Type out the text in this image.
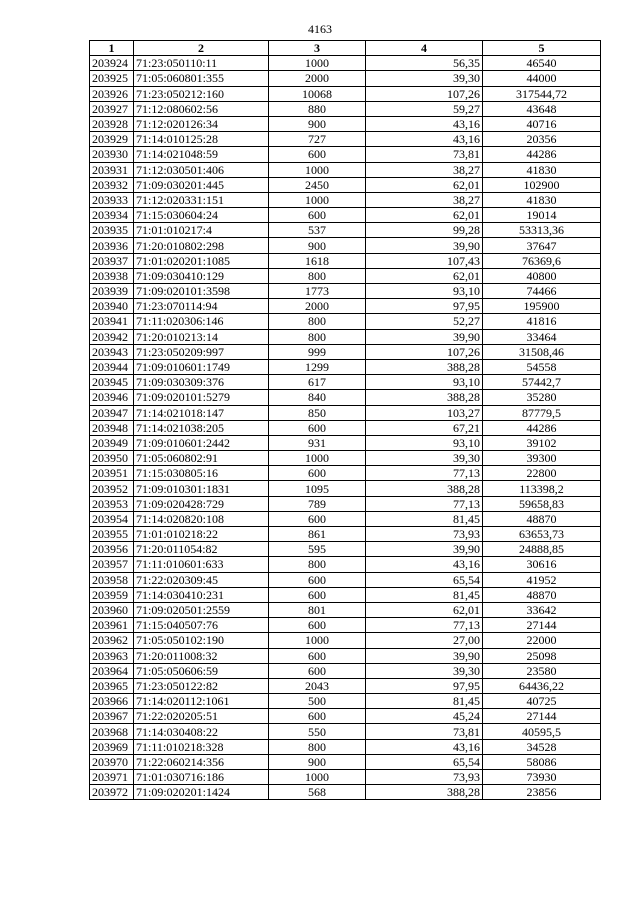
4163
1	2	3	4	5
203924	71:23:050110:11	1000	56,35	46540
203925	71:05:060801:355	2000	39,30	44000
203926	71:23:050212:160	10068	107,26	317544,72
203927	71:12:080602:56	880	59,27	43648
203928	71:12:020126:34	900	43,16	40716
203929	71:14:010125:28	727	43,16	20356
203930	71:14:021048:59	600	73,81	44286
203931	71:12:030501:406	1000	38,27	41830
203932	71:09:030201:445	2450	62,01	102900
203933	71:12:020331:151	1000	38,27	41830
203934	71:15:030604:24	600	62,01	19014
203935	71:01:010217:4	537	99,28	53313,36
203936	71:20:010802:298	900	39,90	37647
203937	71:01:020201:1085	1618	107,43	76369,6
203938	71:09:030410:129	800	62,01	40800
203939	71:09:020101:3598	1773	93,10	74466
203940	71:23:070114:94	2000	97,95	195900
203941	71:11:020306:146	800	52,27	41816
203942	71:20:010213:14	800	39,90	33464
203943	71:23:050209:997	999	107,26	31508,46
203944	71:09:010601:1749	1299	388,28	54558
203945	71:09:030309:376	617	93,10	57442,7
203946	71:09:020101:5279	840	388,28	35280
203947	71:14:021018:147	850	103,27	87779,5
203948	71:14:021038:205	600	67,21	44286
203949	71:09:010601:2442	931	93,10	39102
203950	71:05:060802:91	1000	39,30	39300
203951	71:15:030805:16	600	77,13	22800
203952	71:09:010301:1831	1095	388,28	113398,2
203953	71:09:020428:729	789	77,13	59658,83
203954	71:14:020820:108	600	81,45	48870
203955	71:01:010218:22	861	73,93	63653,73
203956	71:20:011054:82	595	39,90	24888,85
203957	71:11:010601:633	800	43,16	30616
203958	71:22:020309:45	600	65,54	41952
203959	71:14:030410:231	600	81,45	48870
203960	71:09:020501:2559	801	62,01	33642
203961	71:15:040507:76	600	77,13	27144
203962	71:05:050102:190	1000	27,00	22000
203963	71:20:011008:32	600	39,90	25098
203964	71:05:050606:59	600	39,30	23580
203965	71:23:050122:82	2043	97,95	64436,22
203966	71:14:020112:1061	500	81,45	40725
203967	71:22:020205:51	600	45,24	27144
203968	71:14:030408:22	550	73,81	40595,5
203969	71:11:010218:328	800	43,16	34528
203970	71:22:060214:356	900	65,54	58086
203971	71:01:030716:186	1000	73,93	73930
203972	71:09:020201:1424	568	388,28	23856
